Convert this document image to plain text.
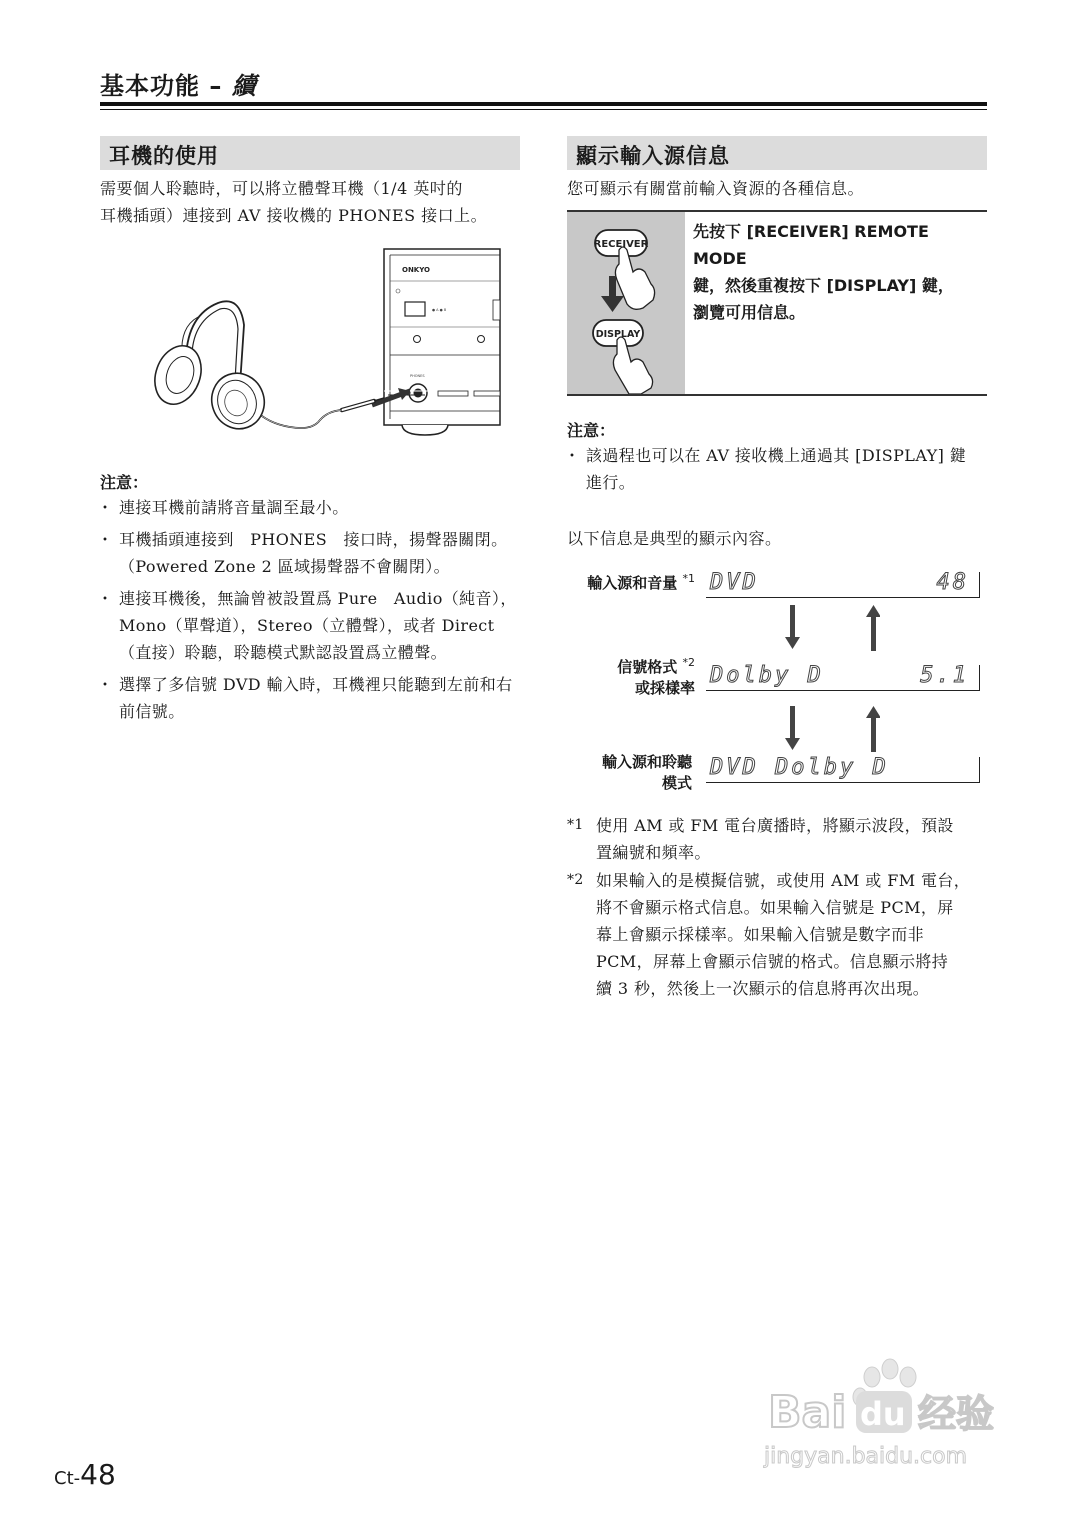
基本功能 – 續
耳機的使用
需要個人聆聽時，可以將立體聲耳機（1/4 英吋的
耳機插頭）連接到 AV 接收機的 PHONES 接口上。
ONKYO
● A ● B
PHONES
注意：
・ 連接耳機前請將音量調至最小。
・ 耳機插頭連接到　PHONES　接口時，揚聲器關閉。（Powered Zone 2 區域揚聲器不會關閉）。
・ 連接耳機後，無論曾被設置爲 Pure　Audio（純音），Mono（單聲道），Stereo（立體聲），或者 Direct（直接）聆聽，聆聽模式默認設置爲立體聲。
・ 選擇了多信號 DVD 輸入時，耳機裡只能聽到左前和右前信號。
顯示輸入源信息
您可顯示有關當前輸入資源的各種信息。
RECEIVER
DISPLAY
先按下 [RECEIVER] REMOTE MODE
鍵，然後重複按下 [DISPLAY] 鍵，
瀏覽可用信息。
注意：
・ 該過程也可以在 AV 接收機上通過其 [DISPLAY] 鍵
進行。
以下信息是典型的顯示內容。
輸入源和音量 $^{*1}$ DVD	48
信號格式 $^{*2}$
或採樣率 Dolby D	5.1
輸入源和聆聽
模式
DVD Dolby D
*1 使用 AM 或 FM 電台廣播時，將顯示波段，預設
置編號和頻率。
*2 如果輸入的是模擬信號，或使用 AM 或 FM 電台，
將不會顯示格式信息。如果輸入信號是 PCM，屏
幕上會顯示採樣率。如果輸入信號是數字而非
PCM，屏幕上會顯示信號的格式。信息顯示將持
續 3 秒，然後上一次顯示的信息將再次出現。
Ct-48
Bai du 经验
jingyan.baidu.com
